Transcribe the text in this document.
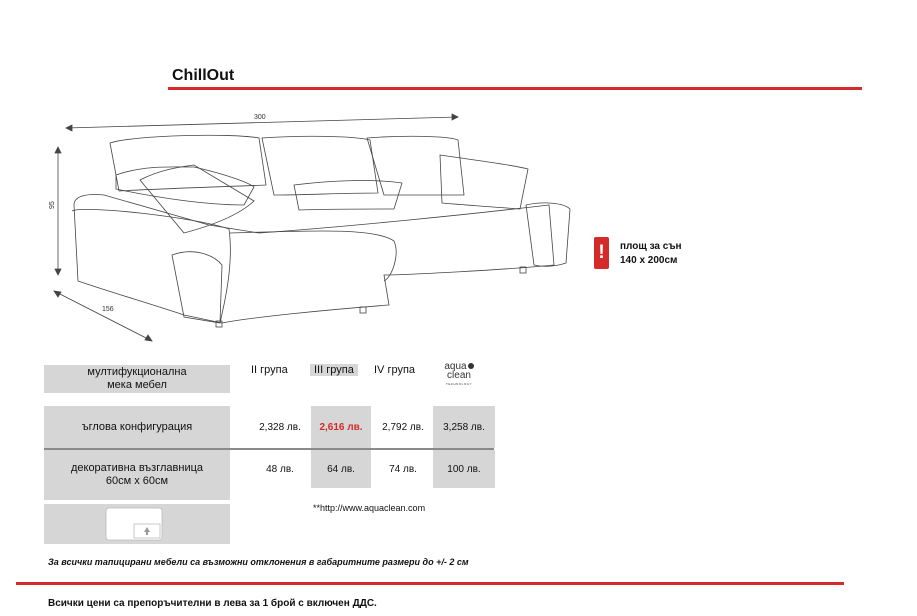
ChillOut
300
95
156
!	площ за сън
140 x 200см
мултифукционална
мека мебел
II група	III група	IV група	aqua
clean
TECHNOLOGY
ъглова конфигурация	2,328 лв.	2,616 лв.	2,792 лв.	3,258 лв.
декоративна възглавница
60см x 60см
48 лв.	64 лв.	74 лв.	100 лв.
**http://www.aquaclean.com
За всички тапицирани мебели са възможни отклонения в габаритните размери до +/- 2 см
Всички цени са препоръчителни в лева за 1 брой с включен ДДС.
